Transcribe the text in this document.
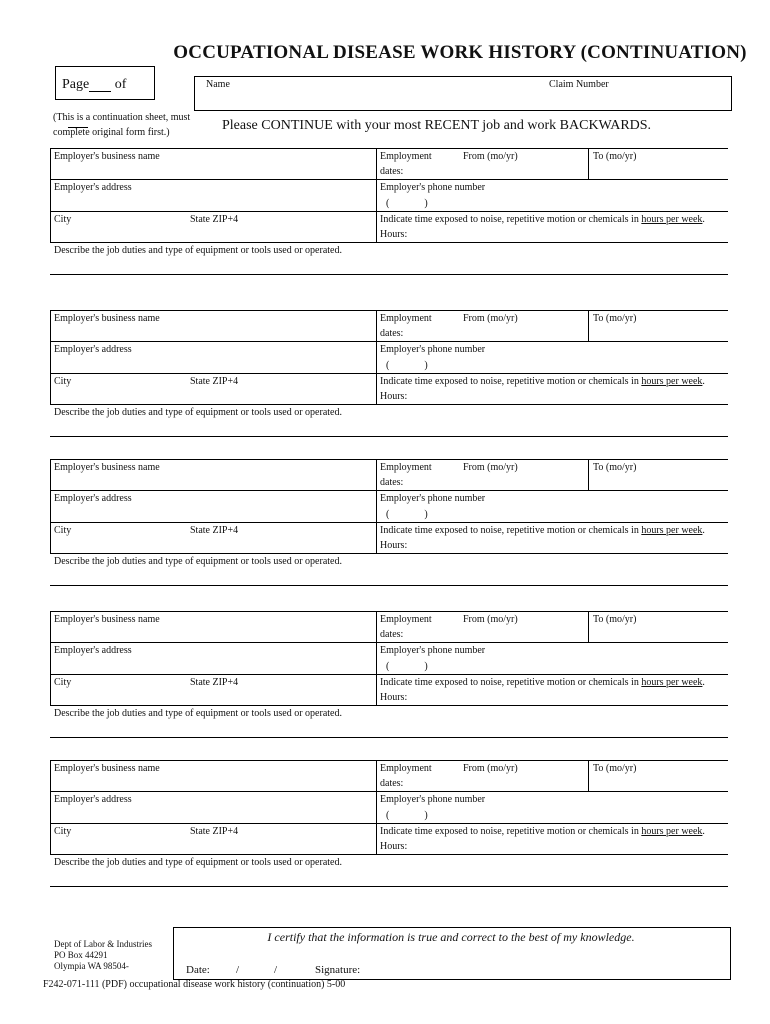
OCCUPATIONAL DISEASE WORK HISTORY (CONTINUATION)
Page of	Name	Claim Number
(This is a continuation sheet, must
complete original form first.)	Please CONTINUE with your most RECENT job and work BACKWARDS.
Employer's business name	Employment
dates:
From (mo/yr)	To (mo/yr)
Employer's address	Employer's phone number
(              )
City	State ZIP+4	Indicate time exposed to noise, repetitive motion or chemicals in hours per week.
Hours:
Describe the job duties and type of equipment or tools used or operated.
Employer's business name	Employment
dates:
From (mo/yr)	To (mo/yr)
Employer's address	Employer's phone number
(              )
City	State ZIP+4	Indicate time exposed to noise, repetitive motion or chemicals in hours per week.
Hours:
Describe the job duties and type of equipment or tools used or operated.
Employer's business name	Employment
dates:
From (mo/yr)	To (mo/yr)
Employer's address	Employer's phone number
(              )
City	State ZIP+4	Indicate time exposed to noise, repetitive motion or chemicals in hours per week.
Hours:
Describe the job duties and type of equipment or tools used or operated.
Employer's business name	Employment
dates:
From (mo/yr)	To (mo/yr)
Employer's address	Employer's phone number
(              )
City	State ZIP+4	Indicate time exposed to noise, repetitive motion or chemicals in hours per week.
Hours:
Describe the job duties and type of equipment or tools used or operated.
Employer's business name	Employment
dates:
From (mo/yr)	To (mo/yr)
Employer's address	Employer's phone number
(              )
City	State ZIP+4	Indicate time exposed to noise, repetitive motion or chemicals in hours per week.
Hours:
Describe the job duties and type of equipment or tools used or operated.
Date: /	/	Signature:
I certify that the information is true and correct to the best of my knowledge.
Dept of Labor & Industries
PO Box 44291
Olympia WA 98504-
F242-071-111 (PDF) occupational disease work history (continuation) 5-00
